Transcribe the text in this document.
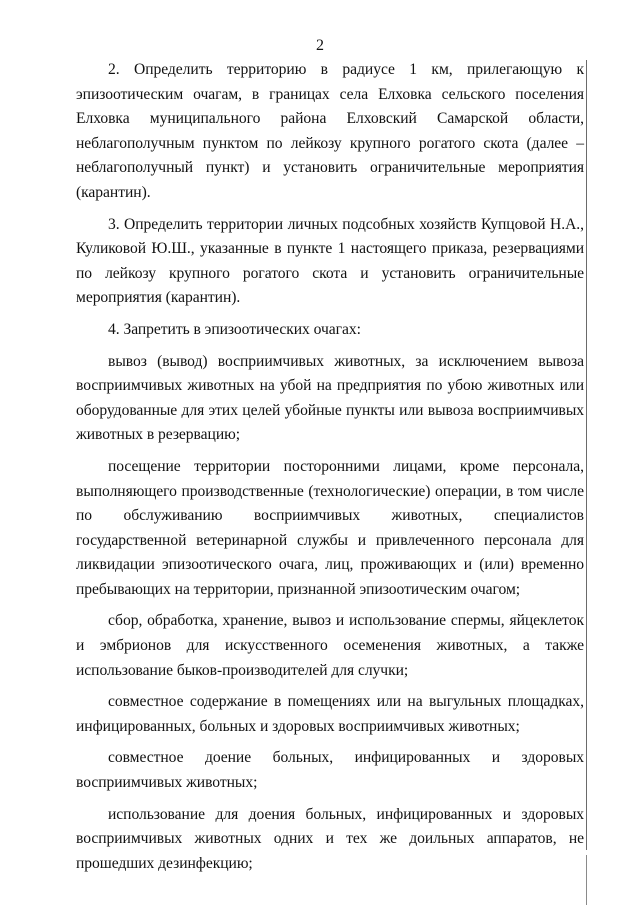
2

2. Определить территорию в радиусе 1 км, прилегающую к эпизоотическим очагам, в границах села Елховка сельского поселения Елховка муниципального района Елховский Самарской области, неблагополучным пунктом по лейкозу крупного рогатого скота (далее – неблагополучный пункт) и установить ограничительные мероприятия (карантин).

3. Определить территории личных подсобных хозяйств Купцовой Н.А., Куликовой Ю.Ш., указанные в пункте 1 настоящего приказа, резервациями по лейкозу крупного рогатого скота и установить ограничительные мероприятия (карантин).

4. Запретить в эпизоотических очагах:

вывоз (вывод) восприимчивых животных, за исключением вывоза восприимчивых животных на убой на предприятия по убою животных или оборудованные для этих целей убойные пункты или вывоза восприимчивых животных в резервацию;

посещение территории посторонними лицами, кроме персонала, выполняющего производственные (технологические) операции, в том числе по обслуживанию восприимчивых животных, специалистов государственной ветеринарной службы и привлеченного персонала для ликвидации эпизоотического очага, лиц, проживающих и (или) временно пребывающих на территории, признанной эпизоотическим очагом;

сбор, обработка, хранение, вывоз и использование спермы, яйцеклеток и эмбрионов для искусственного осеменения животных, а также использование быков-производителей для случки;

совместное содержание в помещениях или на выгульных площадках, инфицированных, больных и здоровых восприимчивых животных;

совместное доение больных, инфицированных и здоровых восприимчивых животных;

использование для доения больных, инфицированных и здоровых восприимчивых животных одних и тех же доильных аппаратов, не прошедших дезинфекцию;
